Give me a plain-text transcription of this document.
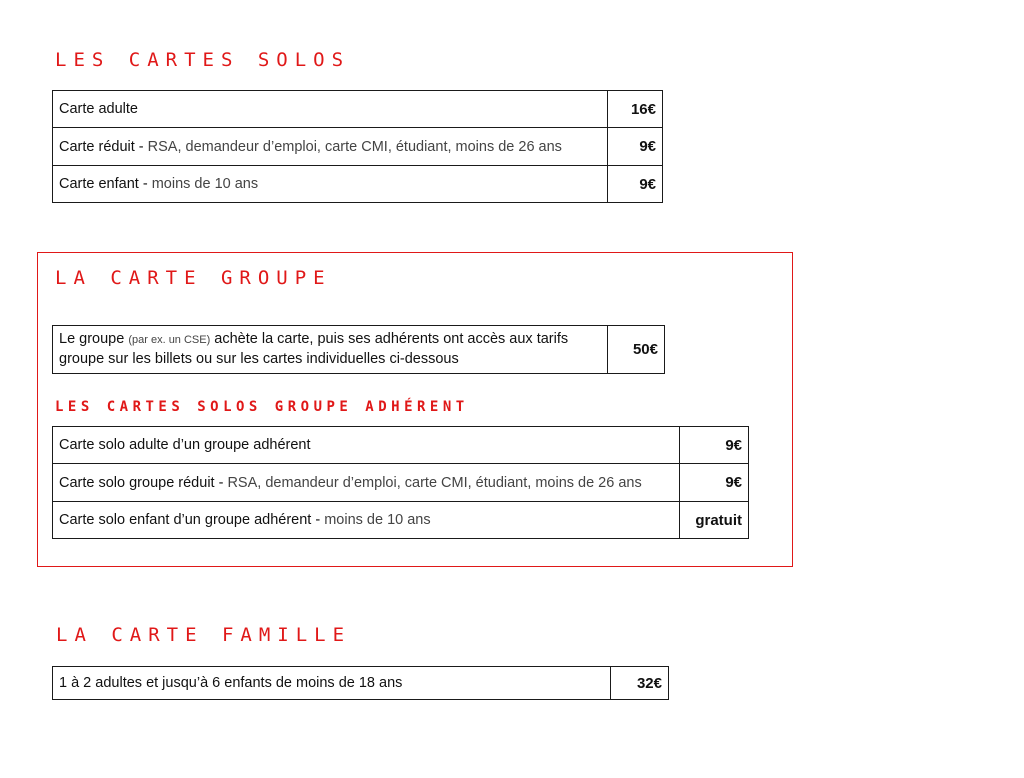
LES CARTES SOLOS
Carte adulte	16€
Carte réduit - RSA, demandeur d’emploi, carte CMI, étudiant, moins de 26 ans	9€
Carte enfant - moins de 10 ans	9€
LA CARTE GROUPE
Le groupe (par ex. un CSE) achète la carte, puis ses adhérents ont accès aux tarifs
groupe sur les billets ou sur les cartes individuelles ci-dessous	50€
LES CARTES SOLOS GROUPE ADHÉRENT
Carte solo adulte d’un groupe adhérent	9€
Carte solo groupe réduit - RSA, demandeur d’emploi, carte CMI, étudiant, moins de 26 ans	9€
Carte solo enfant d’un groupe adhérent - moins de 10 ans	gratuit
LA CARTE FAMILLE
1 à 2 adultes et jusqu’à 6 enfants de moins de 18 ans	32€
